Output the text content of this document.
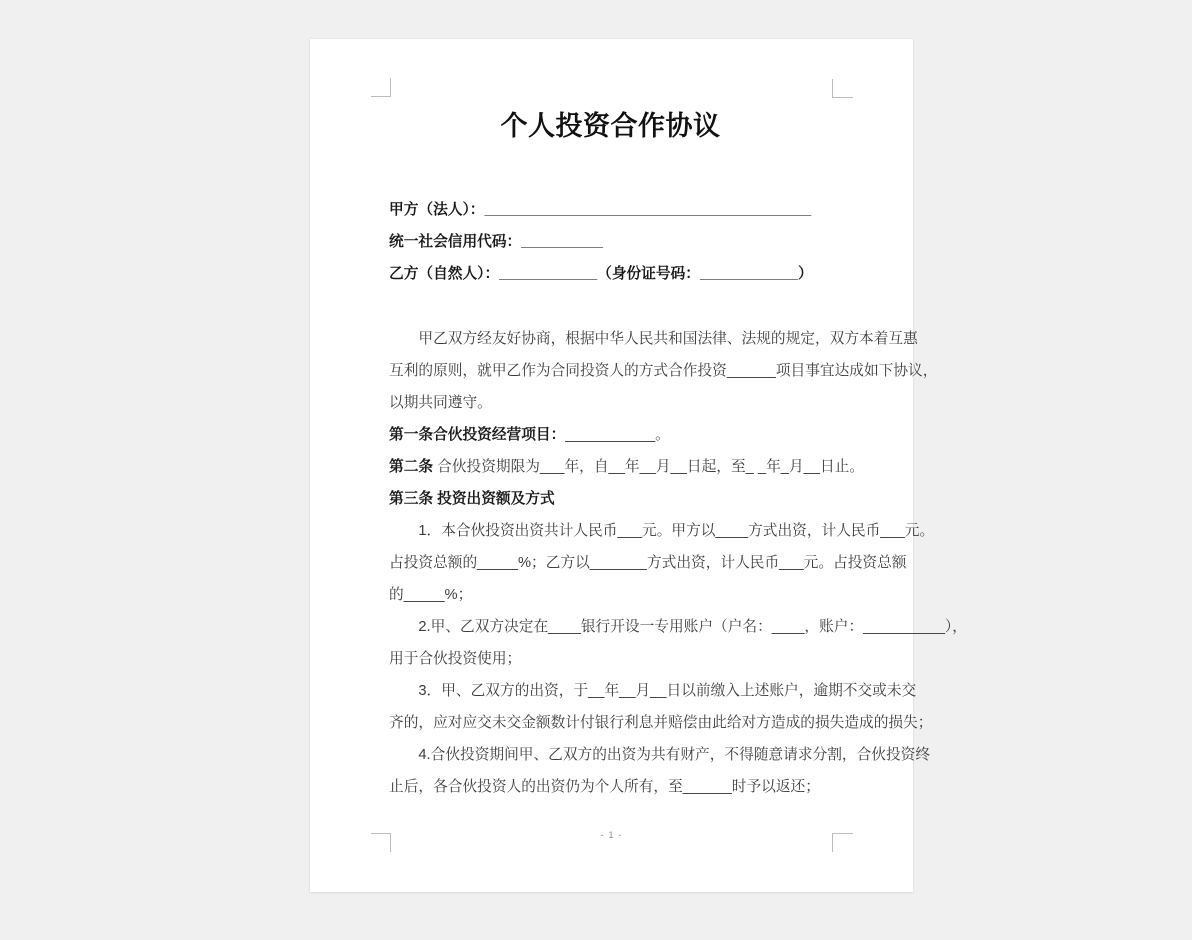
个人投资合作协议
甲方（法人）：________________________________________
统一社会信用代码：__________
乙方（自然人）：____________（身份证号码：____________）
甲乙双方经友好协商，根据中华人民共和国法律、法规的规定，双方本着互惠
互利的原则，就甲乙作为合同投资人的方式合作投资______项目事宜达成如下协议，
以期共同遵守。
第一条合伙投资经营项目：___________。
第二条 合伙投资期限为___年，自__年__月__日起，至_ _年_月__日止。
第三条 投资出资额及方式
1．本合伙投资出资共计人民币___元。甲方以____方式出资，计人民币___元。
占投资总额的_____%；乙方以_______方式出资，计人民币___元。占投资总额
的_____%；
2.甲、乙双方决定在____银行开设一专用账户（户名：____，账户：__________），
用于合伙投资使用；
3．甲、乙双方的出资，于__年__月__日以前缴入上述账户，逾期不交或未交
齐的，应对应交未交金额数计付银行利息并赔偿由此给对方造成的损失造成的损失；
4.合伙投资期间甲、乙双方的出资为共有财产，不得随意请求分割，合伙投资终
止后，各合伙投资人的出资仍为个人所有，至______时予以返还；
- 1 -
